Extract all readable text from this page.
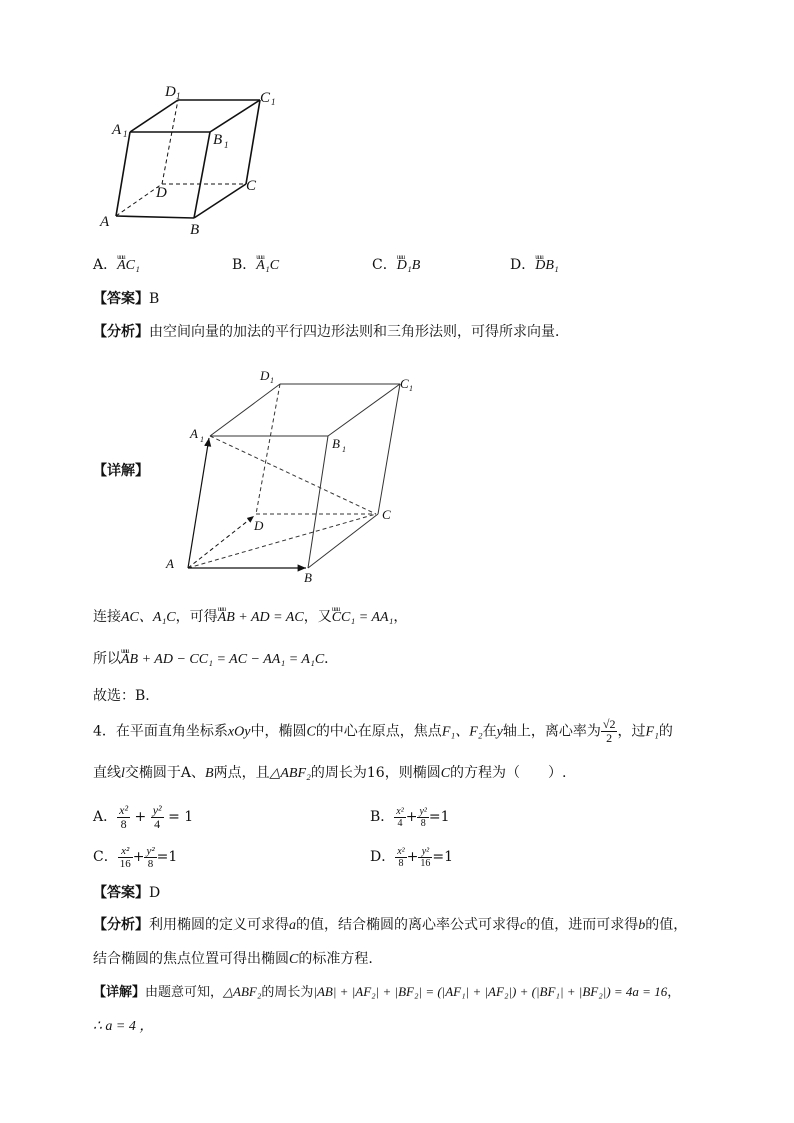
A	B
C
D
A
B
C
D
1
1
1
1
A．uuu AC₁	B．uuu A₁C	C．uuu D₁B	D．uuu DB₁
【答案】B
【分析】由空间向量的加法的平行四边形法则和三角形法则，可得所求向量．
【详解】
A
B
C
D
A
B
C
D
1
1
1
1
连接AC、A₁C，可得uuu AB + AD = AC，又uuu CC₁ = AA₁，
所以uuu AB + AD − CC₁ = AC − AA₁ = A₁C．
故选：B.
4．在平面直角坐标系xOy中，椭圆C的中心在原点，焦点F₁、F₂在y轴上，离心率为 $\frac{√2}{2}$ ，过F₁的
直线l交椭圆于A、B两点，且△ABF₂的周长为16，则椭圆C的方程为（　　）.
A． $\frac{\text{x²}}{8} + \frac{\text{y²}}{4} = 1$	B． $\frac{\text{x²}}{4} + \frac{\text{y²}}{8} =1$
C． $\frac{\text{x²}}{16} + \frac{\text{y²}}{8} =1$	D． $\frac{\text{x²}}{8} + \frac{\text{y²}}{16} =1$
【答案】D
【分析】利用椭圆的定义可求得a的值，结合椭圆的离心率公式可求得c的值，进而可求得b的值，
结合椭圆的焦点位置可得出椭圆C的标准方程.
【详解】由题意可知，△ABF₂的周长为|AB| + |AF₂| + |BF₂| = (|AF₁| + |AF₂|) + (|BF₁| + |BF₂|) = 4a = 16，
∴ a = 4 ，
